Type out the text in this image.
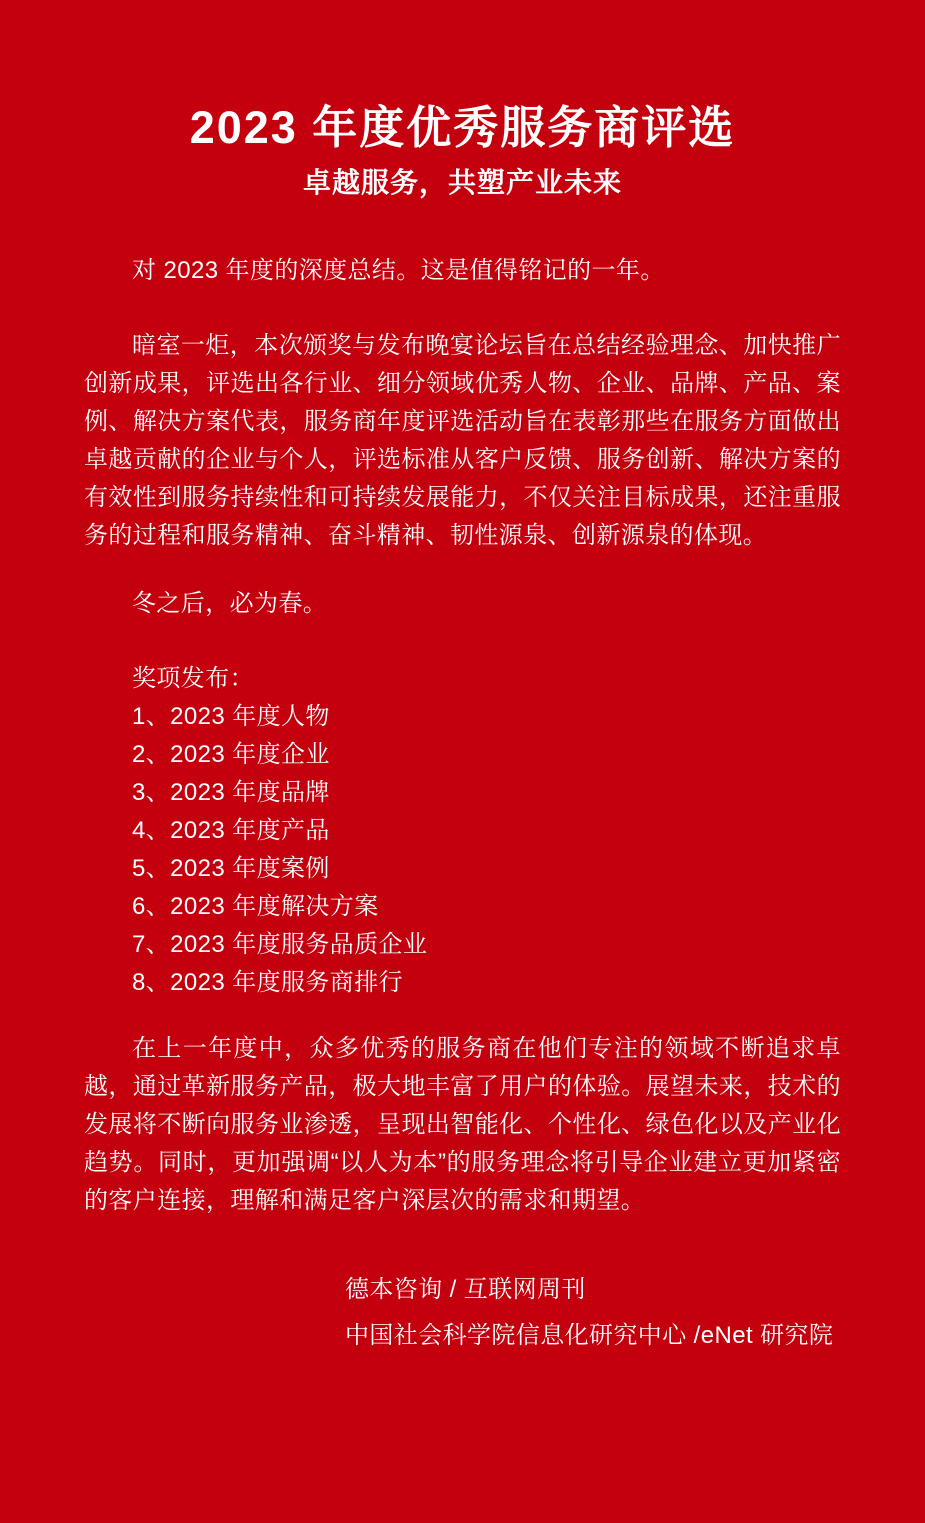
2023 年度优秀服务商评选
卓越服务，共塑产业未来

对 2023 年度的深度总结。这是值得铭记的一年。

暗室一炬，本次颁奖与发布晚宴论坛旨在总结经验理念、加快推广创新成果，评选出各行业、细分领域优秀人物、企业、品牌、产品、案例、解决方案代表，服务商年度评选活动旨在表彰那些在服务方面做出卓越贡献的企业与个人，评选标准从客户反馈、服务创新、解决方案的有效性到服务持续性和可持续发展能力，不仅关注目标成果，还注重服务的过程和服务精神、奋斗精神、韧性源泉、创新源泉的体现。

冬之后，必为春。

奖项发布：

1、2023 年度人物
2、2023 年度企业
3、2023 年度品牌
4、2023 年度产品
5、2023 年度案例
6、2023 年度解决方案
7、2023 年度服务品质企业
8、2023 年度服务商排行

在上一年度中，众多优秀的服务商在他们专注的领域不断追求卓越，通过革新服务产品，极大地丰富了用户的体验。展望未来，技术的发展将不断向服务业渗透，呈现出智能化、个性化、绿色化以及产业化趋势。同时，更加强调“以人为本”的服务理念将引导企业建立更加紧密的客户连接，理解和满足客户深层次的需求和期望。

德本咨询 / 互联网周刊
中国社会科学院信息化研究中心 /eNet 研究院
